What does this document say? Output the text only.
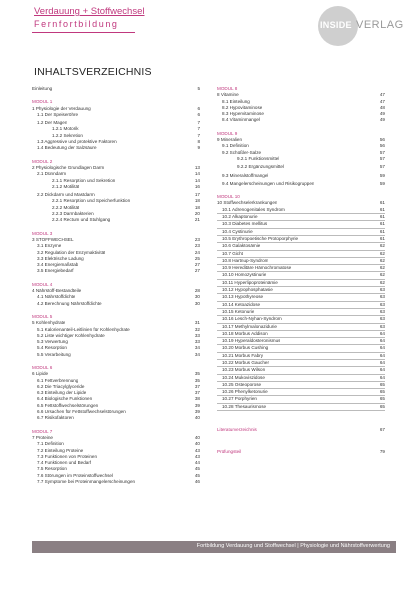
Verdauung + Stoffwechsel
Fernfortbildung	INSIDE VERLAG
INHALTSVERZEICHNIS
Einleitung	5
MODUL 1
1 Physiologie der Verdauung	6
1.1 Der Speiseröhre	6
1.2 Der Magen	7
1.2.1 Motorik	7
1.2.2 Sekretion	7
1.3 Aggressive und protektive Faktoren	8
1.4 Bedeutung der Salzsäure	9
MODUL 2
2 Physiologische Grundlagen Darm	13
2.1 Dünndarm	14
2.1.1 Resorption und Sekretion	14
2.1.2 Motilität	16
2.2 Dickdarm und Mastdarm	17
2.2.1 Resorption und Speicherfunktion	18
2.2.2 Motilität	18
2.2.3 Darmbakterien	20
2.2.4 Rectum und Stuhlgang	21
MODUL 3
3 STOFFWECHSEL	23
3.1 Enzyme	23
3.2 Regulation der Enzymaktivität	24
3.3 Elektrische Ladung	25
3.4 Energiemaßstab	27
3.5 Energiebedarf	27
MODUL 4
4 Nährstoff-Bestandteile	28
4.1 Nährstoffdichte	30
4.2 Berechnung Nährstoffdichte	30
MODUL 5
5 Kohlenhydrate	31
5.1 Kalorienanteil-Leitlinien für Kohlenhydrate	32
5.2 Liste wichtiger Kohlenhydrate	33
5.3 Verwertung	33
5.4 Resorption	34
5.5 Verarbeitung	34
MODUL 6
6 Lipide	35
6.1 Fettverbrennung	35
6.2 Die Triacylglyceride	37
6.3 Einteilung der Lipide	37
6.4 Biologische Funktionen	38
6.5 Fettstoffwechselstörungen	39
6.6 Ursachen für Fettstoffwechselstörungen	39
6.7 Risikofaktoren	40
MODUL 7
7 Proteine	40
7.1 Definition	40
7.2 Einteilung Proteine	43
7.3 Funktionen von Proteinen	43
7.4 Funktionen und Bedarf	44
7.5 Resorption	45
7.6 Störungen im Proteinstoffwechsel	45
7.7 Symptome bei Proteinmangelerscheinungen	46
MODUL 8
8 Vitamine	47
8.1 Einteilung	47
8.2 Hypovitaminose	48
8.3 Hypervitaminose	49
8.4 Vitaminmangel	49
MODUL 9
9 Mineralien	56
9.1 Definition	56
9.2 Schüßler-Salze	57
9.2.1 Funktionsmittel	57
9.2.2 Ergänzungsmittel	57
9.3 Mineralstoffmangel	59
9.4 Mangelerscheinungen und Risikogruppen	59
MODUL 10
10 Stoffwechselerkrankungen	61
10.1 Adrenogenitales Syndrom	61
10.2 Alkaptonurie	61
10.3 Diabetes mellitus	61
10.4 Cystinurie	61
10.5 Erythropoetische Protoporphyrie	61
10.6 Galaktosämie	62
10.7 Gicht	62
10.8 Hartnup-Syndrom	62
10.9 Hereditäre Hämochromatose	62
10.10 Homozystinurie	62
10.11 Hyperlipoproteinämie	62
10.12 Hypophosphatasie	63
10.13 Hypothyreose	63
10.14 Ketoazidose	63
10.15 Ketonurie	63
10.16 Lesch-Nyhan-Syndrom	63
10.17 Methylmalonazidurie	63
10.18 Morbus Addison	64
10.19 Hyperaldosteronismus	64
10.20 Morbus Cushing	64
10.21 Morbus Fabry	64
10.22 Morbus Gaucher	64
10.23 Morbus Wilson	64
10.24 Mukoviszidose	64
10.25 Osteoporose	65
10.26 Phenylketonurie	65
10.27 Porphyrien	65
10.28 Thesaurismose	65
Literaturverzeichnis	67
Prüfungsteil	79
Fortbildung Verdauung und Stoffwechsel | Physiologie und Nährstoffverwertung
